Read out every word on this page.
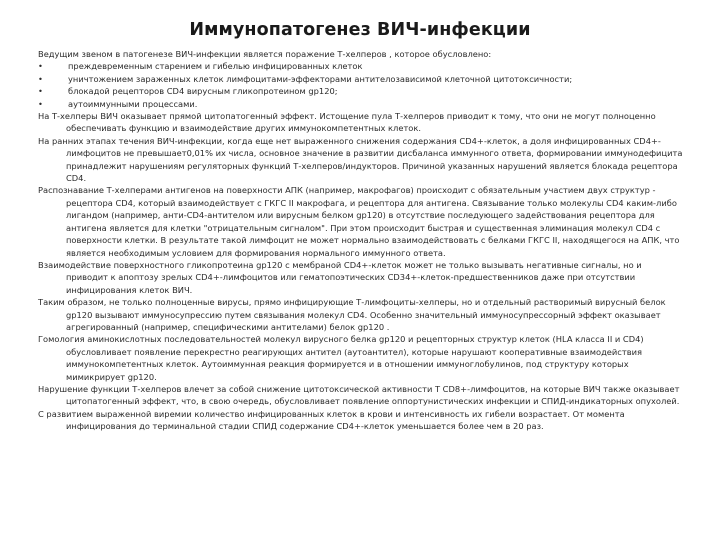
Иммунопатогенез ВИЧ-инфекции

Ведущим звеном в патогенезе ВИЧ-инфекции является поражение Т-хелперов , которое обусловлено:

•	преждевременным старением и гибелью инфицированных клеток
•	уничтожением зараженных клеток лимфоцитами-эффекторами антителозависимой клеточной цитотоксичности;
•	блокадой рецепторов CD4 вирусным гликопротеином gp120;
•	аутоиммунными процессами.

На Т-хелперы ВИЧ оказывает прямой цитопатогенный эффект. Истощение пула Т-хелперов приводит к тому, что они не могут полноценно обеспечивать функцию и взаимодействие других иммунокомпетентных клеток.

На ранних этапах течения ВИЧ-инфекции, когда еще нет выраженного снижения содержания CD4+-клеток, а доля инфицированных CD4+-лимфоцитов не превышает0,01% их числа, основное значение в развитии дисбаланса иммунного ответа, формировании иммунодефицита принадлежит нарушениям регуляторных функций Т-хелперов/индукторов. Причиной указанных нарушений является блокада рецептора CD4.

Распознавание Т-хелперами антигенов на поверхности АПК (например, макрофагов) происходит с обязательным участием двух структур - рецептора CD4, который взаимодействует с ГКГС II макрофага, и рецептора для антигена. Связывание только молекулы CD4 каким-либо лигандом (например, анти-CD4-антителом или вирусным белком gp120) в отсутствие последующего задействования рецептора для антигена является для клетки "отрицательным сигналом". При этом происходит быстрая и существенная элиминация молекул CD4 с поверхности клетки. В результате такой лимфоцит не может нормально взаимодействовать с белками ГКГС II, находящегося на АПК, что является необходимым условием для формирования нормального иммунного ответа.

Взаимодействие поверхностного гликопротеина gp120 с мембраной CD4+-клеток может не только вызывать негативные сигналы, но и приводит к апоптозу зрелых CD4+-лимфоцитов или гематопоэтических CD34+-клеток-предшественников даже при отсутствии инфицирования клеток ВИЧ.

Таким образом, не только полноценные вирусы, прямо инфицирующие Т-лимфоциты-хелперы, но и отдельный растворимый вирусный белок gp120 вызывают иммуносупрессию путем связывания молекул CD4. Особенно значительный иммуносупрессорный эффект оказывает агрегированный (например, специфическими антителами) белок gp120 .

Гомология аминокислотных последовательностей молекул вирусного белка gp120 и рецепторных структур клеток (HLA класса II и CD4) обусловливает появление перекрестно реагирующих антител (аутоантител), которые нарушают кооперативные взаимодействия иммунокомпетентных клеток. Аутоиммунная реакция формируется и в отношении иммуноглобулинов, под структуру которых мимикрирует gp120.

Нарушение функции Т-хелперов влечет за собой снижение цитотоксической активности Т CD8+-лимфоцитов, на которые ВИЧ также оказывает цитопатогенный эффект, что, в свою очередь, обусловливает появление оппортунистических инфекции и СПИД-индикаторных опухолей.

С развитием выраженной виремии количество инфицированных клеток в крови и интенсивность их гибели возрастает. От момента инфицирования до терминальной стадии СПИД содержание CD4+-клеток уменьшается более чем в 20 раз.
